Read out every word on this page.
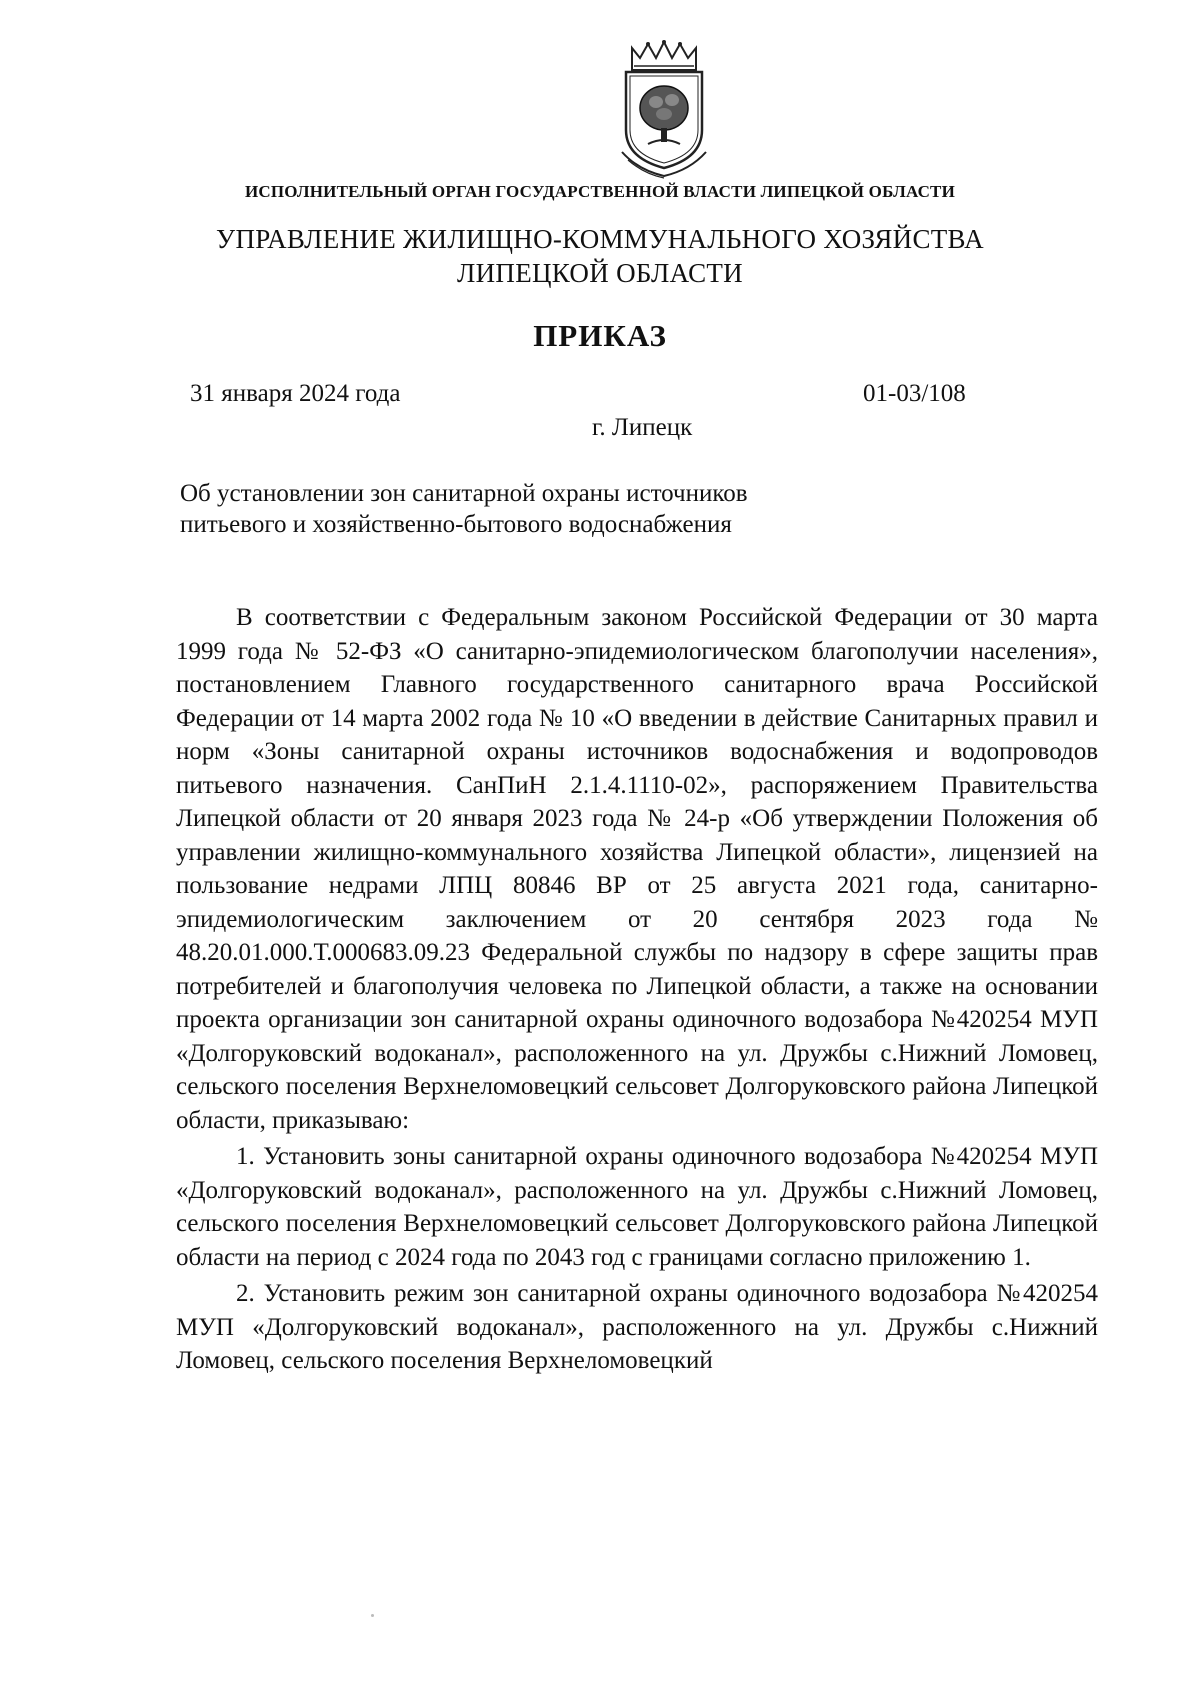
ИСПОЛНИТЕЛЬНЫЙ ОРГАН ГОСУДАРСТВЕННОЙ ВЛАСТИ ЛИПЕЦКОЙ ОБЛАСТИ
УПРАВЛЕНИЕ ЖИЛИЩНО-КОММУНАЛЬНОГО ХОЗЯЙСТВА
ЛИПЕЦКОЙ ОБЛАСТИ
ПРИКАЗ
31 января 2024 года	01-03/108
г. Липецк
Об установлении зон санитарной охраны источников питьевого и хозяйственно-бытового водоснабжения

В соответствии с Федеральным законом Российской Федерации от 30 марта 1999 года № 52-ФЗ «О санитарно-эпидемиологическом благополучии населения», постановлением Главного государственного санитарного врача Российской Федерации от 14 марта 2002 года № 10 «О введении в действие Санитарных правил и норм «Зоны санитарной охраны источников водоснабжения и водопроводов питьевого назначения. СанПиН 2.1.4.1110-02», распоряжением Правительства Липецкой области от 20 января 2023 года № 24-р «Об утверждении Положения об управлении жилищно-коммунального хозяйства Липецкой области», лицензией на пользование недрами ЛПЦ 80846 ВР от 25 августа 2021 года, санитарно-эпидемиологическим заключением от 20 сентября 2023 года № 48.20.01.000.Т.000683.09.23 Федеральной службы по надзору в сфере защиты прав потребителей и благополучия человека по Липецкой области, а также на основании проекта организации зон санитарной охраны одиночного водозабора №420254 МУП «Долгоруковский водоканал», расположенного на ул. Дружбы с.Нижний Ломовец, сельского поселения Верхнеломовецкий сельсовет Долгоруковского района Липецкой области, приказываю:

1. Установить зоны санитарной охраны одиночного водозабора №420254 МУП «Долгоруковский водоканал», расположенного на ул. Дружбы с.Нижний Ломовец, сельского поселения Верхнеломовецкий сельсовет Долгоруковского района Липецкой области на период с 2024 года по 2043 год с границами согласно приложению 1.

2. Установить режим зон санитарной охраны одиночного водозабора №420254 МУП «Долгоруковский водоканал», расположенного на ул. Дружбы с.Нижний Ломовец, сельского поселения Верхнеломовецкий
